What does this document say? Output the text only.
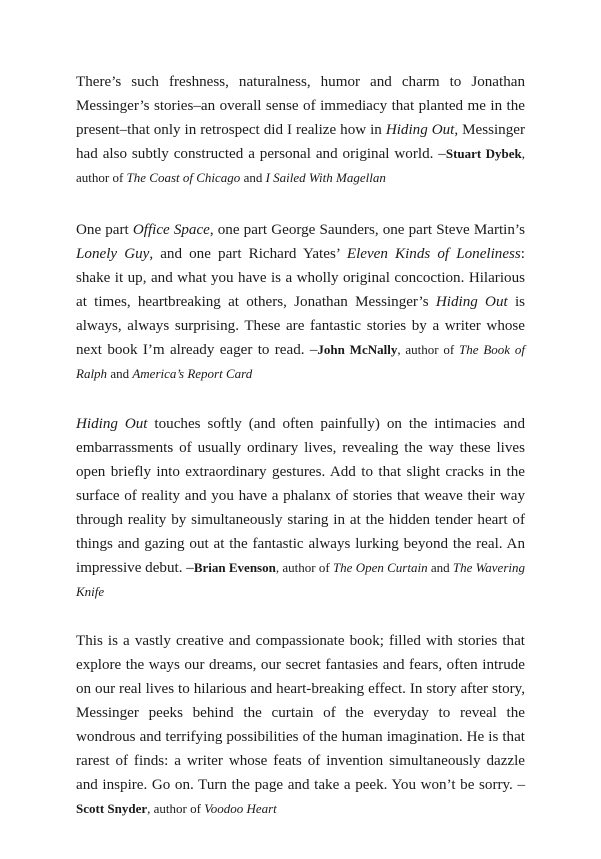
There’s such freshness, naturalness, humor and charm to Jonathan Messinger’s stories–an overall sense of immediacy that planted me in the present–that only in retrospect did I realize how in Hiding Out, Messinger had also subtly constructed a personal and original world. –Stuart Dybek, author of The Coast of Chicago and I Sailed With Magellan

One part Office Space, one part George Saunders, one part Steve Martin’s Lonely Guy, and one part Richard Yates’ Eleven Kinds of Loneliness: shake it up, and what you have is a wholly original concoction. Hilarious at times, heartbreaking at others, Jonathan Messinger’s Hiding Out is always, always surprising. These are fantastic stories by a writer whose next book I’m already eager to read. –John McNally, author of The Book of Ralph and America’s Report Card

Hiding Out touches softly (and often painfully) on the intimacies and embarrassments of usually ordinary lives, revealing the way these lives open briefly into extraordinary gestures. Add to that slight cracks in the surface of reality and you have a phalanx of stories that weave their way through reality by simultaneously staring in at the hidden tender heart of things and gazing out at the fantastic always lurking beyond the real. An impressive debut. –Brian Evenson, author of The Open Curtain and The Wavering Knife

This is a vastly creative and compassionate book; filled with stories that explore the ways our dreams, our secret fantasies and fears, often intrude on our real lives to hilarious and heart-breaking effect. In story after story, Messinger peeks behind the curtain of the everyday to reveal the wondrous and terrifying possibilities of the human imagination. He is that rarest of finds: a writer whose feats of invention simultaneously dazzle and inspire. Go on. Turn the page and take a peek. You won’t be sorry. –Scott Snyder, author of Voodoo Heart
